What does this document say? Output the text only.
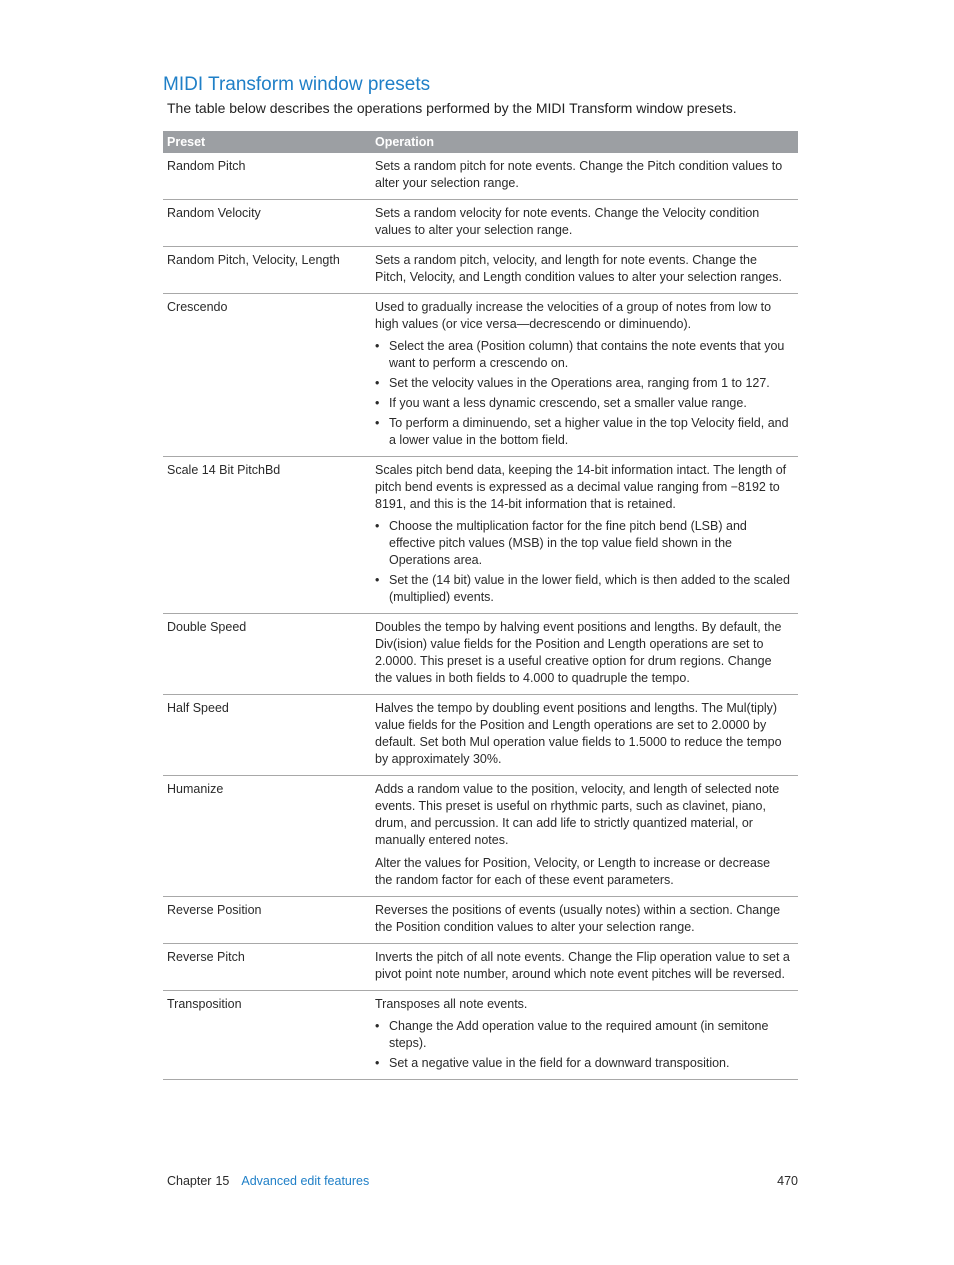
MIDI Transform window presets

The table below describes the operations performed by the MIDI Transform window presets.

Preset	Operation
Random Pitch	Sets a random pitch for note events. Change the Pitch condition values to alter your selection range.

Random Velocity	Sets a random velocity for note events. Change the Velocity condition values to alter your selection range.

Random Pitch, Velocity, Length	Sets a random pitch, velocity, and length for note events. Change the Pitch, Velocity, and Length condition values to alter your selection ranges.

Crescendo	Used to gradually increase the velocities of a group of notes from low to high values (or vice versa—decrescendo or diminuendo).

• Select the area (Position column) that contains the note events that you want to perform a crescendo on.
• Set the velocity values in the Operations area, ranging from 1 to 127.
• If you want a less dynamic crescendo, set a smaller value range.
• To perform a diminuendo, set a higher value in the top Velocity field, and a lower value in the bottom field.
Scale 14 Bit PitchBd	Scales pitch bend data, keeping the 14-bit information intact. The length of pitch bend events is expressed as a decimal value ranging from −8192 to 8191, and this is the 14-bit information that is retained.

• Choose the multiplication factor for the fine pitch bend (LSB) and effective pitch values (MSB) in the top value field shown in the Operations area.
• Set the (14 bit) value in the lower field, which is then added to the scaled (multiplied) events.
Double Speed	Doubles the tempo by halving event positions and lengths. By default, the Div(ision) value fields for the Position and Length operations are set to 2.0000. This preset is a useful creative option for drum regions. Change the values in both fields to 4.000 to quadruple the tempo.

Half Speed	Halves the tempo by doubling event positions and lengths. The Mul(tiply) value fields for the Position and Length operations are set to 2.0000 by default. Set both Mul operation value fields to 1.5000 to reduce the tempo by approximately 30%.

Humanize	Adds a random value to the position, velocity, and length of selected note events. This preset is useful on rhythmic parts, such as clavinet, piano, drum, and percussion. It can add life to strictly quantized material, or manually entered notes.

Alter the values for Position, Velocity, or Length to increase or decrease the random factor for each of these event parameters.

Reverse Position	Reverses the positions of events (usually notes) within a section. Change the Position condition values to alter your selection range.

Reverse Pitch	Inverts the pitch of all note events. Change the Flip operation value to set a pivot point note number, around which note event pitches will be reversed.

Transposition	Transposes all note events.

• Change the Add operation value to the required amount (in semitone steps).
• Set a negative value in the field for a downward transposition.
Chapter 15 Advanced edit features	470
